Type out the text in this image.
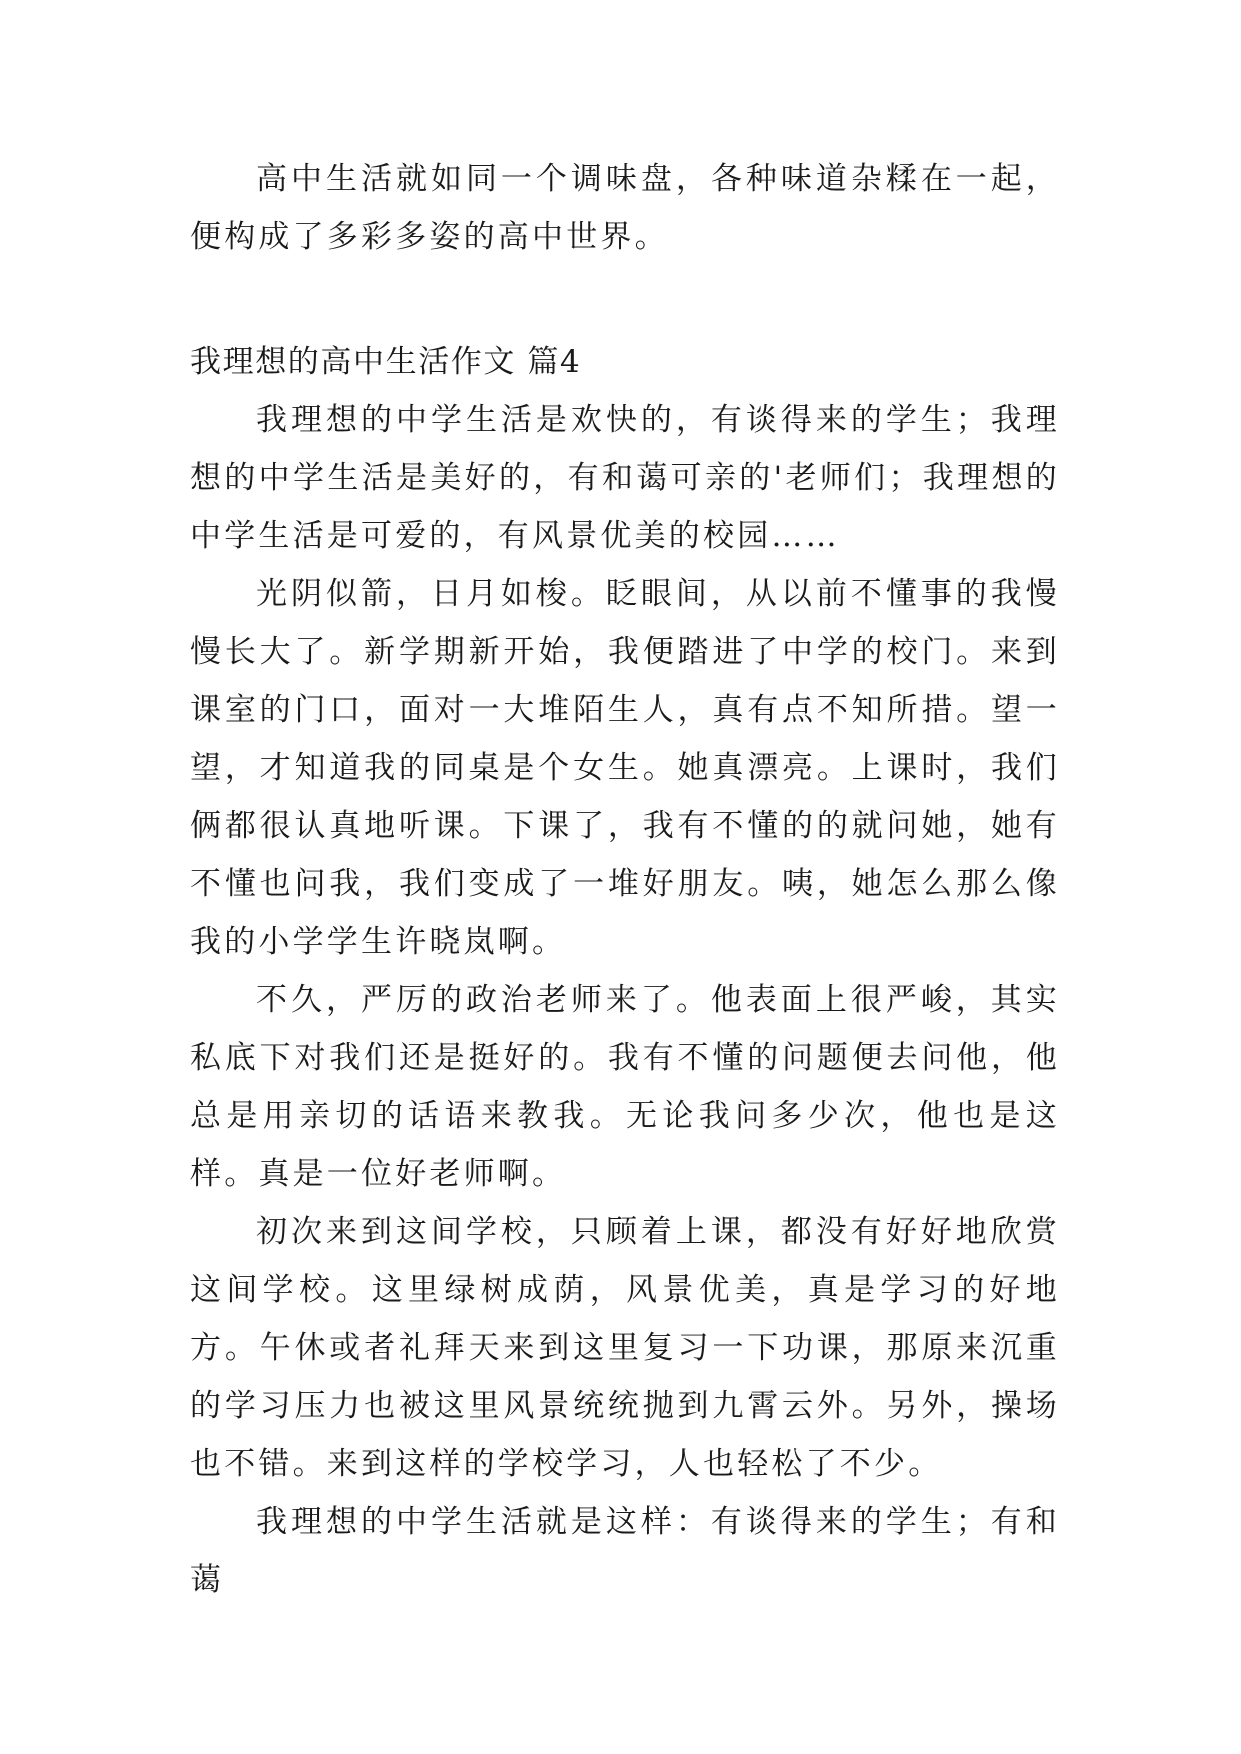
高中生活就如同一个调味盘，各种味道杂糅在一起，便构成了多彩多姿的高中世界。

我理想的高中生活作文 篇4

我理想的中学生活是欢快的，有谈得来的学生；我理想的中学生活是美好的，有和蔼可亲的'老师们；我理想的中学生活是可爱的，有风景优美的校园……

光阴似箭，日月如梭。眨眼间，从以前不懂事的我慢慢长大了。新学期新开始，我便踏进了中学的校门。来到课室的门口，面对一大堆陌生人，真有点不知所措。望一望，才知道我的同桌是个女生。她真漂亮。上课时，我们俩都很认真地听课。下课了，我有不懂的的就问她，她有不懂也问我，我们变成了一堆好朋友。咦，她怎么那么像我的小学学生许晓岚啊。

不久，严厉的政治老师来了。他表面上很严峻，其实私底下对我们还是挺好的。我有不懂的问题便去问他，他总是用亲切的话语来教我。无论我问多少次，他也是这样。真是一位好老师啊。

初次来到这间学校，只顾着上课，都没有好好地欣赏这间学校。这里绿树成荫，风景优美，真是学习的好地方。午休或者礼拜天来到这里复习一下功课，那原来沉重的学习压力也被这里风景统统抛到九霄云外。另外，操场也不错。来到这样的学校学习，人也轻松了不少。

我理想的中学生活就是这样：有谈得来的学生；有和蔼
